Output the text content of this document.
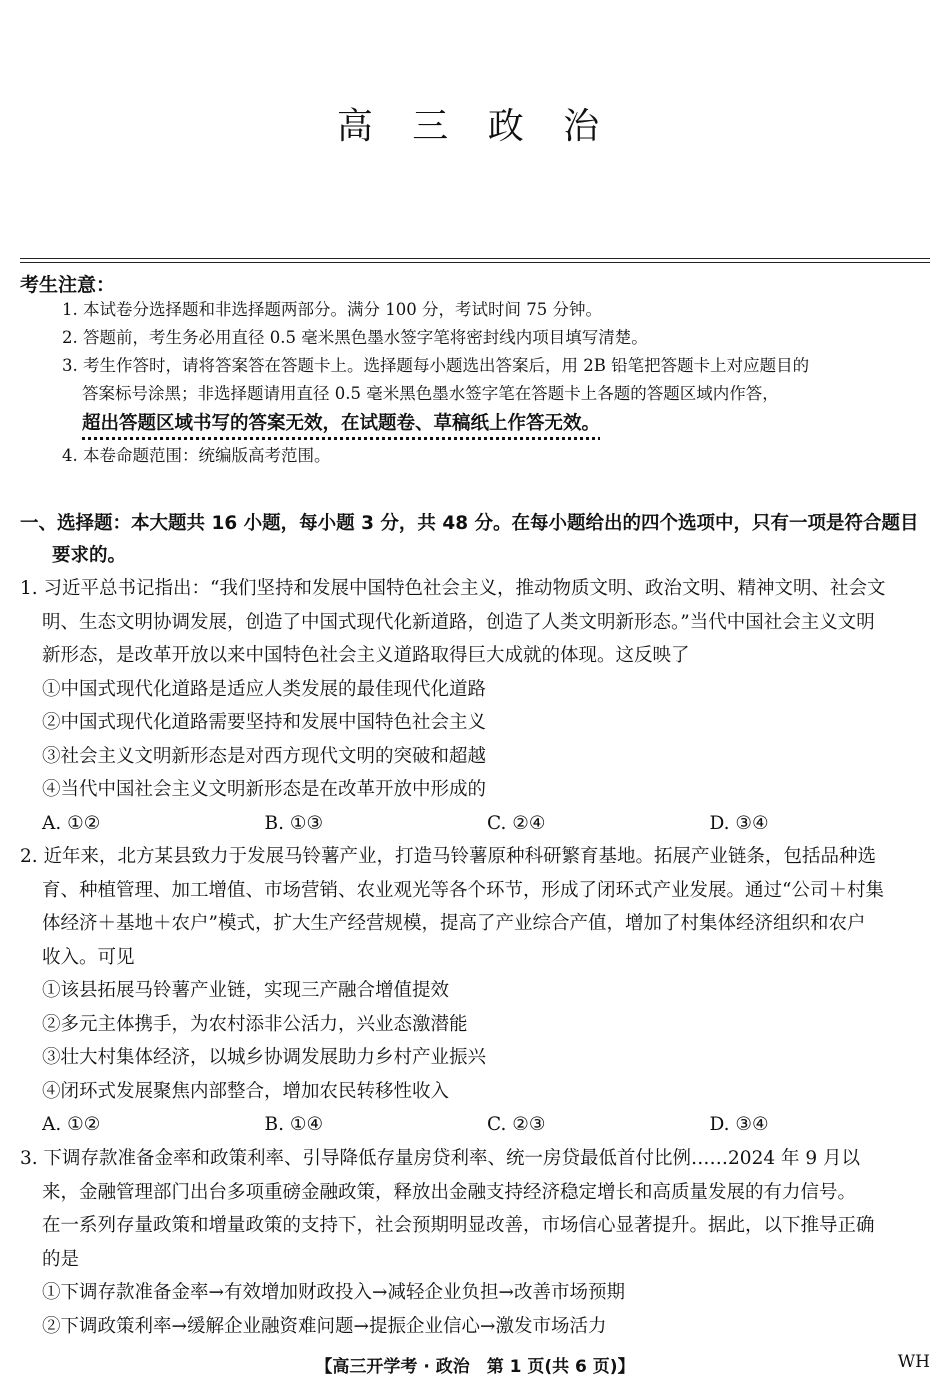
高 三 政 治
考生注意：
1. 本试卷分选择题和非选择题两部分。满分 100 分，考试时间 75 分钟。
2. 答题前，考生务必用直径 0.5 毫米黑色墨水签字笔将密封线内项目填写清楚。
3. 考生作答时，请将答案答在答题卡上。选择题每小题选出答案后，用 2B 铅笔把答题卡上对应题目的
答案标号涂黑；非选择题请用直径 0.5 毫米黑色墨水签字笔在答题卡上各题的答题区域内作答，
超出答题区域书写的答案无效，在试题卷、草稿纸上作答无效。
4. 本卷命题范围：统编版高考范围。
一、选择题：本大题共 16 小题，每小题 3 分，共 48 分。在每小题给出的四个选项中，只有一项是符合题目
要求的。
1. 习近平总书记指出：“我们坚持和发展中国特色社会主义，推动物质文明、政治文明、精神文明、社会文
明、生态文明协调发展，创造了中国式现代化新道路，创造了人类文明新形态。”当代中国社会主义文明
新形态，是改革开放以来中国特色社会主义道路取得巨大成就的体现。这反映了
①中国式现代化道路是适应人类发展的最佳现代化道路
②中国式现代化道路需要坚持和发展中国特色社会主义
③社会主义文明新形态是对西方现代文明的突破和超越
④当代中国社会主义文明新形态是在改革开放中形成的
A. ①②	B. ①③	C. ②④	D. ③④
2. 近年来，北方某县致力于发展马铃薯产业，打造马铃薯原种科研繁育基地。拓展产业链条，包括品种选
育、种植管理、加工增值、市场营销、农业观光等各个环节，形成了闭环式产业发展。通过“公司＋村集
体经济＋基地＋农户”模式，扩大生产经营规模，提高了产业综合产值，增加了村集体经济组织和农户
收入。可见
①该县拓展马铃薯产业链，实现三产融合增值提效
②多元主体携手，为农村添非公活力，兴业态激潜能
③壮大村集体经济，以城乡协调发展助力乡村产业振兴
④闭环式发展聚焦内部整合，增加农民转移性收入
A. ①②	B. ①④	C. ②③	D. ③④
3. 下调存款准备金率和政策利率、引导降低存量房贷利率、统一房贷最低首付比例……2024 年 9 月以
来，金融管理部门出台多项重磅金融政策，释放出金融支持经济稳定增长和高质量发展的有力信号。
在一系列存量政策和增量政策的支持下，社会预期明显改善，市场信心显著提升。据此，以下推导正确
的是
①下调存款准备金率→有效增加财政投入→减轻企业负担→改善市场预期
②下调政策利率→缓解企业融资难问题→提振企业信心→激发市场活力
【高三开学考 · 政治　第 1 页(共 6 页)】	WH
